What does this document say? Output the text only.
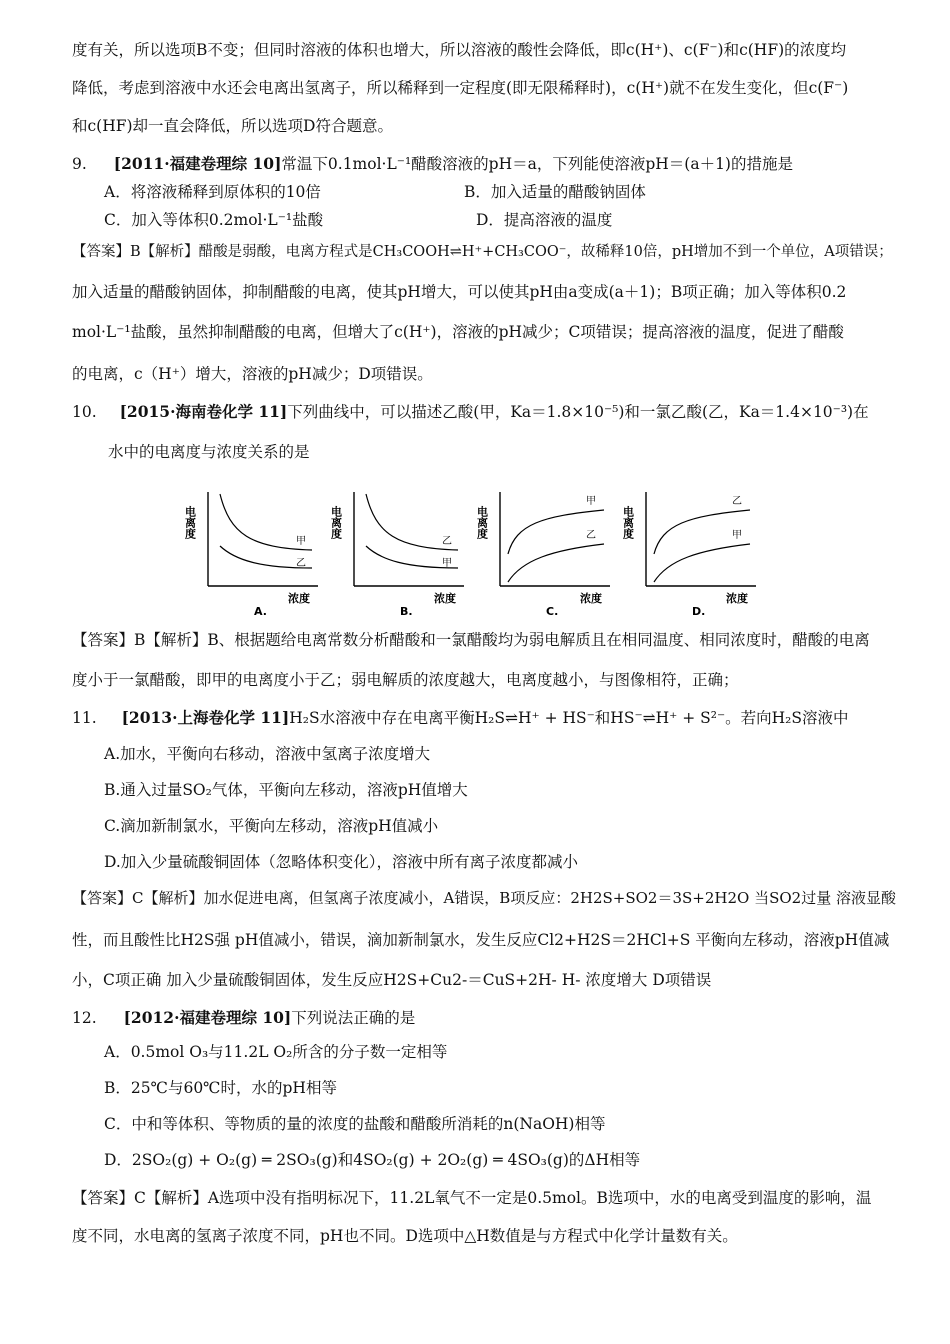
度有关，所以选项B不变；但同时溶液的体积也增大，所以溶液的酸性会降低，即c(H⁺)、c(F⁻)和c(HF)的浓度均
降低，考虑到溶液中水还会电离出氢离子，所以稀释到一定程度(即无限稀释时)，c(H⁺)就不在发生变化，但c(F⁻)
和c(HF)却一直会降低，所以选项D符合题意。
9. [2011·福建卷理综 10]常温下0.1mol·L⁻¹醋酸溶液的pH＝a，下列能使溶液pH＝(a＋1)的措施是
A．将溶液稀释到原体积的10倍	B．加入适量的醋酸钠固体
C．加入等体积0.2mol·L⁻¹盐酸	D．提高溶液的温度
【答案】B【解析】醋酸是弱酸，电离方程式是CH₃COOH⇌H⁺+CH₃COO⁻，故稀释10倍，pH增加不到一个单位，A项错误；
加入适量的醋酸钠固体，抑制醋酸的电离，使其pH增大，可以使其pH由a变成(a＋1)；B项正确；加入等体积0.2
mol·L⁻¹盐酸，虽然抑制醋酸的电离，但增大了c(H⁺)，溶液的pH减少；C项错误；提高溶液的温度，促进了醋酸
的电离，c（H⁺）增大，溶液的pH减少；D项错误。
10. [2015·海南卷化学 11]下列曲线中，可以描述乙酸(甲，Ka＝1.8×10⁻⁵)和一氯乙酸(乙，Ka＝1.4×10⁻³)在
水中的电离度与浓度关系的是
电离度
浓度
甲
乙
A.
电离度
浓度
乙
甲
B.
电离度
浓度
甲
乙
C.
电离度
浓度
乙
甲
D.
【答案】B【解析】B、根据题给电离常数分析醋酸和一氯醋酸均为弱电解质且在相同温度、相同浓度时，醋酸的电离
度小于一氯醋酸，即甲的电离度小于乙；弱电解质的浓度越大，电离度越小，与图像相符，正确；
11. [2013·上海卷化学 11]H₂S水溶液中存在电离平衡H₂S⇌H⁺ + HS⁻和HS⁻⇌H⁺ + S²⁻。若向H₂S溶液中
A.加水，平衡向右移动，溶液中氢离子浓度增大
B.通入过量SO₂气体，平衡向左移动，溶液pH值增大
C.滴加新制氯水，平衡向左移动，溶液pH值减小
D.加入少量硫酸铜固体（忽略体积变化），溶液中所有离子浓度都减小
【答案】C【解析】加水促进电离，但氢离子浓度减小，A错误，B项反应：2H2S+SO2＝3S+2H2O 当SO2过量 溶液显酸
性，而且酸性比H2S强 pH值减小，错误，滴加新制氯水，发生反应Cl2+H2S＝2HCl+S 平衡向左移动，溶液pH值减
小，C项正确 加入少量硫酸铜固体，发生反应H2S+Cu2-＝CuS+2H- H- 浓度增大 D项错误
12. [2012·福建卷理综 10]下列说法正确的是
A．0.5mol O₃与11.2L O₂所含的分子数一定相等
B．25℃与60℃时，水的pH相等
C．中和等体积、等物质的量的浓度的盐酸和醋酸所消耗的n(NaOH)相等
D．2SO₂(g) + O₂(g) ═ 2SO₃(g)和4SO₂(g) + 2O₂(g) ═ 4SO₃(g)的ΔH相等
【答案】C【解析】A选项中没有指明标况下，11.2L氧气不一定是0.5mol。B选项中，水的电离受到温度的影响，温
度不同，水电离的氢离子浓度不同，pH也不同。D选项中△H数值是与方程式中化学计量数有关。
